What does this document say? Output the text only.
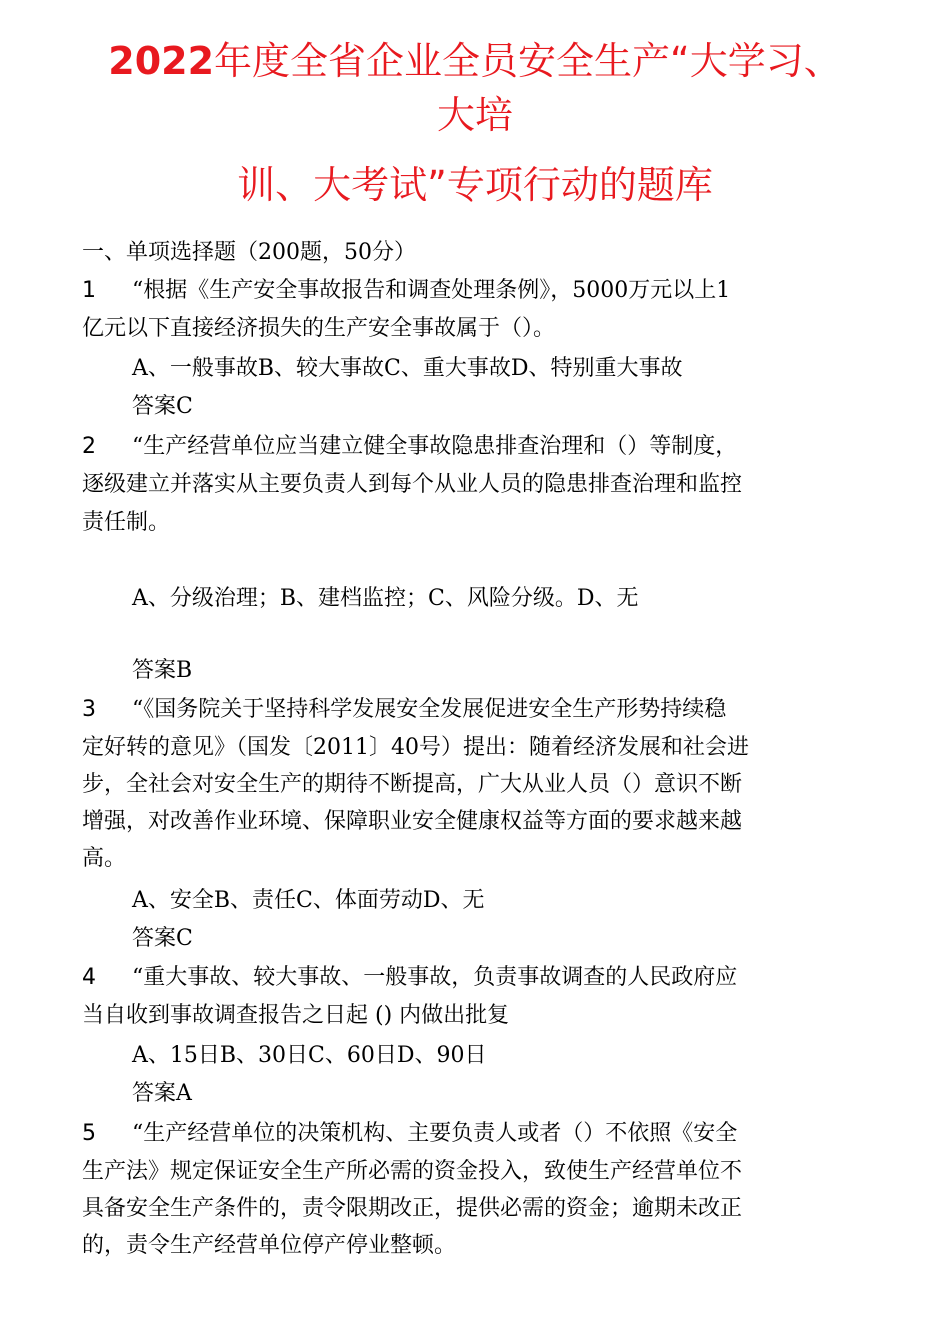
2022年度全省企业全员安全生产“大学习、
大培
训、大考试”专项行动的题库
一、单项选择题（200题，50分）
1 “根据《生产安全事故报告和调查处理条例》，5000万元以上1
亿元以下直接经济损失的生产安全事故属于（）。
A、一般事故B、较大事故C、重大事故D、特别重大事故
答案C
2 “生产经营单位应当建立健全事故隐患排查治理和（）等制度，
逐级建立并落实从主要负责人到每个从业人员的隐患排查治理和监控
责任制。
A、分级治理；B、建档监控；C、风险分级。D、无
答案B
3 “《国务院关于坚持科学发展安全发展促进安全生产形势持续稳
定好转的意见》（国发〔2011〕40号）提出：随着经济发展和社会进
步，全社会对安全生产的期待不断提高，广大从业人员（）意识不断
增强，对改善作业环境、保障职业安全健康权益等方面的要求越来越
高。
A、安全B、责任C、体面劳动D、无
答案C
4 “重大事故、较大事故、一般事故，负责事故调查的人民政府应
当自收到事故调查报告之日起 () 内做出批复
A、15日B、30日C、60日D、90日
答案A
5 “生产经营单位的决策机构、主要负责人或者（）不依照《安全
生产法》规定保证安全生产所必需的资金投入，致使生产经营单位不
具备安全生产条件的，责令限期改正，提供必需的资金；逾期未改正
的，责令生产经营单位停产停业整顿。
